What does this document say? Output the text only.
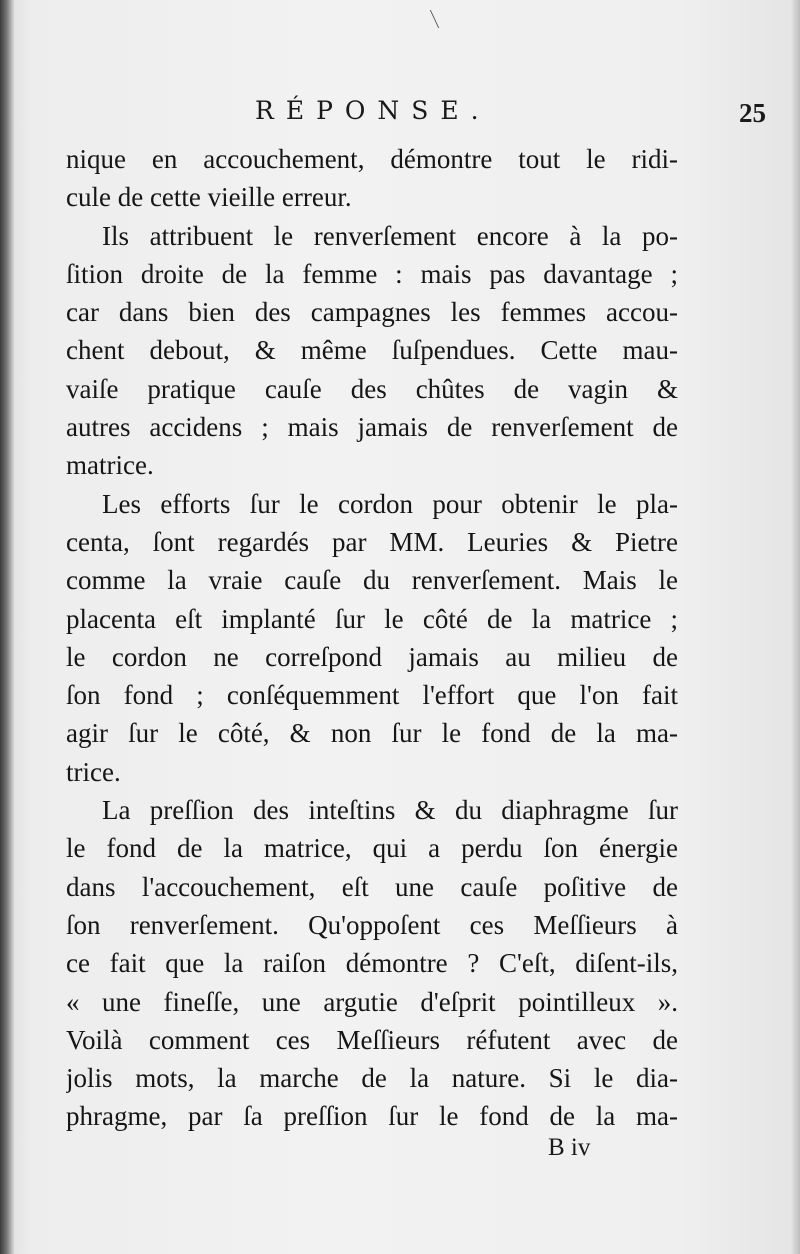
RÉPONSE.	25
nique en accouchement, démontre tout le ridi-
cule de cette vieille erreur.
Ils attribuent le renverſement encore à la po-
ſition droite de la femme : mais pas davantage ;
car dans bien des campagnes les femmes accou-
chent debout, & même ſuſpendues. Cette mau-
vaiſe pratique cauſe des chûtes de vagin &
autres accidens ; mais jamais de renverſement de
matrice.
Les efforts ſur le cordon pour obtenir le pla-
centa, ſont regardés par MM. Leuries & Pietre
comme la vraie cauſe du renverſement. Mais le
placenta eſt implanté ſur le côté de la matrice ;
le cordon ne correſpond jamais au milieu de
ſon fond ; conſéquemment l'effort que l'on fait
agir ſur le côté, & non ſur le fond de la ma-
trice.
La preſſion des inteſtins & du diaphragme ſur
le fond de la matrice, qui a perdu ſon énergie
dans l'accouchement, eſt une cauſe poſitive de
ſon renverſement. Qu'oppoſent ces Meſſieurs à
ce fait que la raiſon démontre ? C'eſt, diſent-ils,
« une fineſſe, une argutie d'eſprit pointilleux ».
Voilà comment ces Meſſieurs réfutent avec de
jolis mots, la marche de la nature. Si le dia-
phragme, par ſa preſſion ſur le fond de la ma-
B iv
